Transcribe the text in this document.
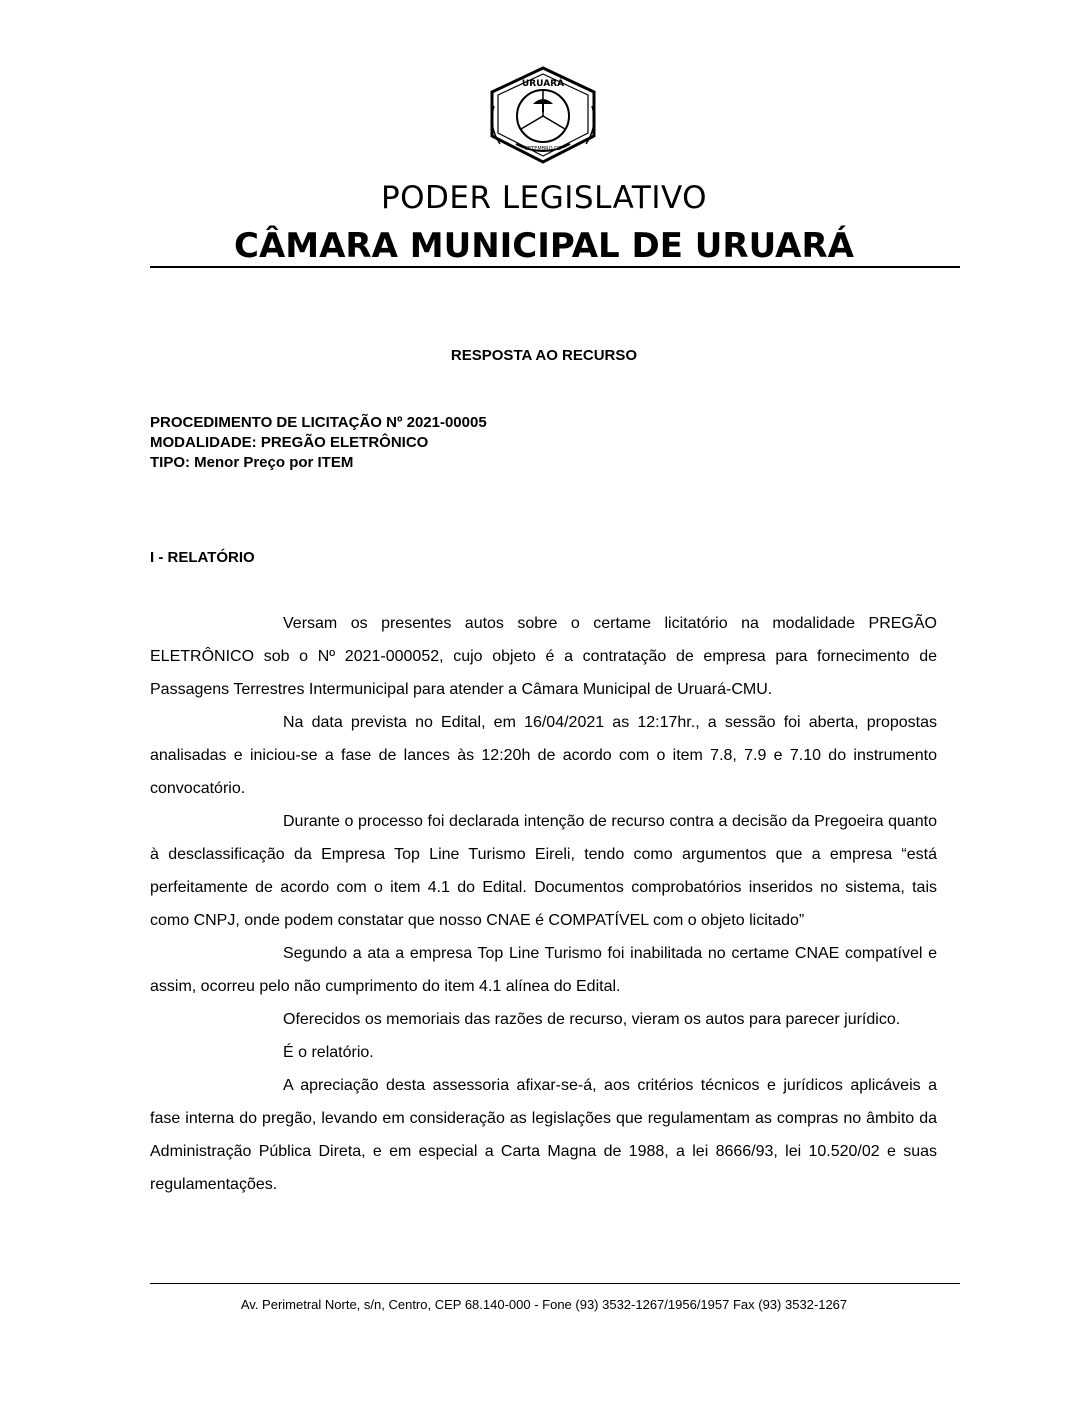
URUARÁ
SETEMBRO DE
PODER LEGISLATIVO
CÂMARA MUNICIPAL DE URUARÁ
RESPOSTA AO RECURSO
PROCEDIMENTO DE LICITAÇÃO Nº 2021-00005
MODALIDADE: PREGÃO ELETRÔNICO
TIPO: Menor Preço por ITEM
I - RELATÓRIO

Versam os presentes autos sobre o certame licitatório na modalidade PREGÃO ELETRÔNICO sob o Nº 2021-000052, cujo objeto é a contratação de empresa para fornecimento de Passagens Terrestres Intermunicipal para atender a Câmara Municipal de Uruará-CMU.

Na data prevista no Edital, em 16/04/2021 as 12:17hr., a sessão foi aberta, propostas analisadas e iniciou-se a fase de lances às 12:20h de acordo com o item 7.8, 7.9 e 7.10 do instrumento convocatório.

Durante o processo foi declarada intenção de recurso contra a decisão da Pregoeira quanto à desclassificação da Empresa Top Line Turismo Eireli, tendo como argumentos que a empresa “está perfeitamente de acordo com o item 4.1 do Edital. Documentos comprobatórios inseridos no sistema, tais como CNPJ, onde podem constatar que nosso CNAE é COMPATÍVEL com o objeto licitado”

Segundo a ata a empresa Top Line Turismo foi inabilitada no certame CNAE compatível e assim, ocorreu pelo não cumprimento do item 4.1 alínea do Edital.

Oferecidos os memoriais das razões de recurso, vieram os autos para parecer jurídico.

É o relatório.

A apreciação desta assessoria afixar-se-á, aos critérios técnicos e jurídicos aplicáveis a fase interna do pregão, levando em consideração as legislações que regulamentam as compras no âmbito da Administração Pública Direta, e em especial a Carta Magna de 1988, a lei 8666/93, lei 10.520/02 e suas regulamentações.

Av. Perimetral Norte, s/n, Centro, CEP 68.140-000 - Fone (93) 3532-1267/1956/1957 Fax (93) 3532-1267
